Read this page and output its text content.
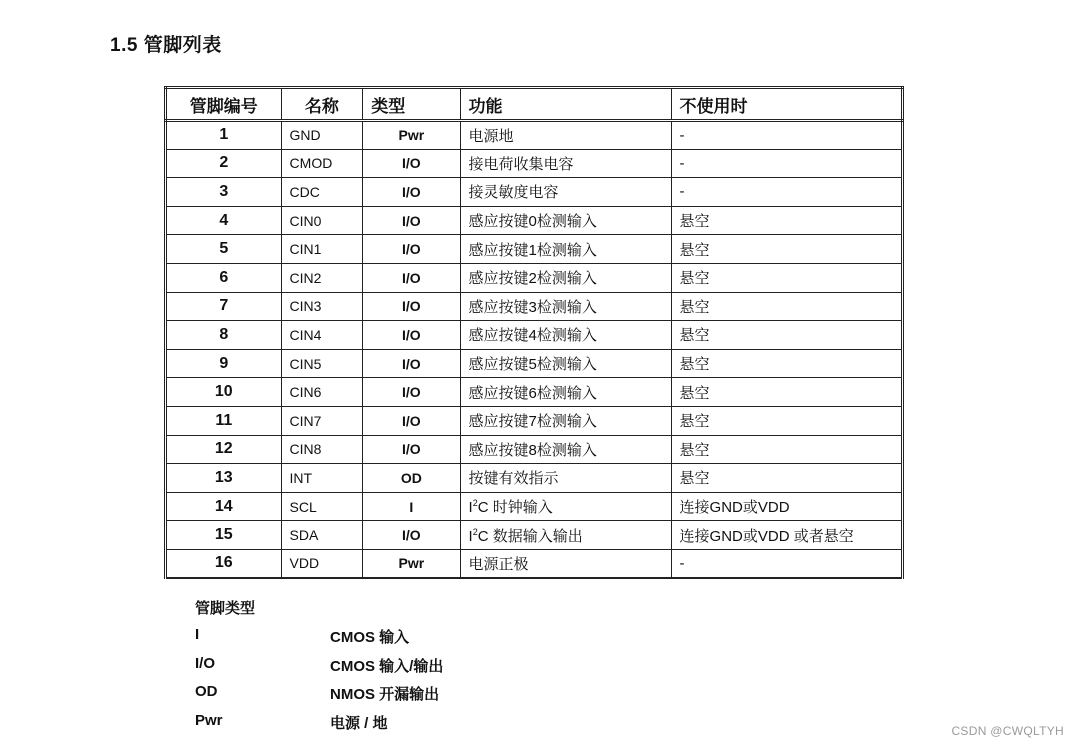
1.5 管脚列表
管脚编号	名称	类型	功能	不使用时
1	GND	Pwr	电源地	-
2	CMOD	I/O	接电荷收集电容	-
3	CDC	I/O	接灵敏度电容	-
4	CIN0	I/O	感应按键0检测输入	悬空
5	CIN1	I/O	感应按键1检测输入	悬空
6	CIN2	I/O	感应按键2检测输入	悬空
7	CIN3	I/O	感应按键3检测输入	悬空
8	CIN4	I/O	感应按键4检测输入	悬空
9	CIN5	I/O	感应按键5检测输入	悬空
10	CIN6	I/O	感应按键6检测输入	悬空
11	CIN7	I/O	感应按键7检测输入	悬空
12	CIN8	I/O	感应按键8检测输入	悬空
13	INT	OD	按键有效指示	悬空
14	SCL	I	$I^2C$ 时钟输入	连接GND或VDD
15	SDA	I/O	$I^2C$ 数据输入输出	连接GND或VDD 或者悬空
16	VDD	Pwr	电源正极	-
管脚类型
I	CMOS 输入
I/O	CMOS 输入/输出
OD	NMOS 开漏输出
Pwr	电源 / 地	CSDN @CWQLTYH
